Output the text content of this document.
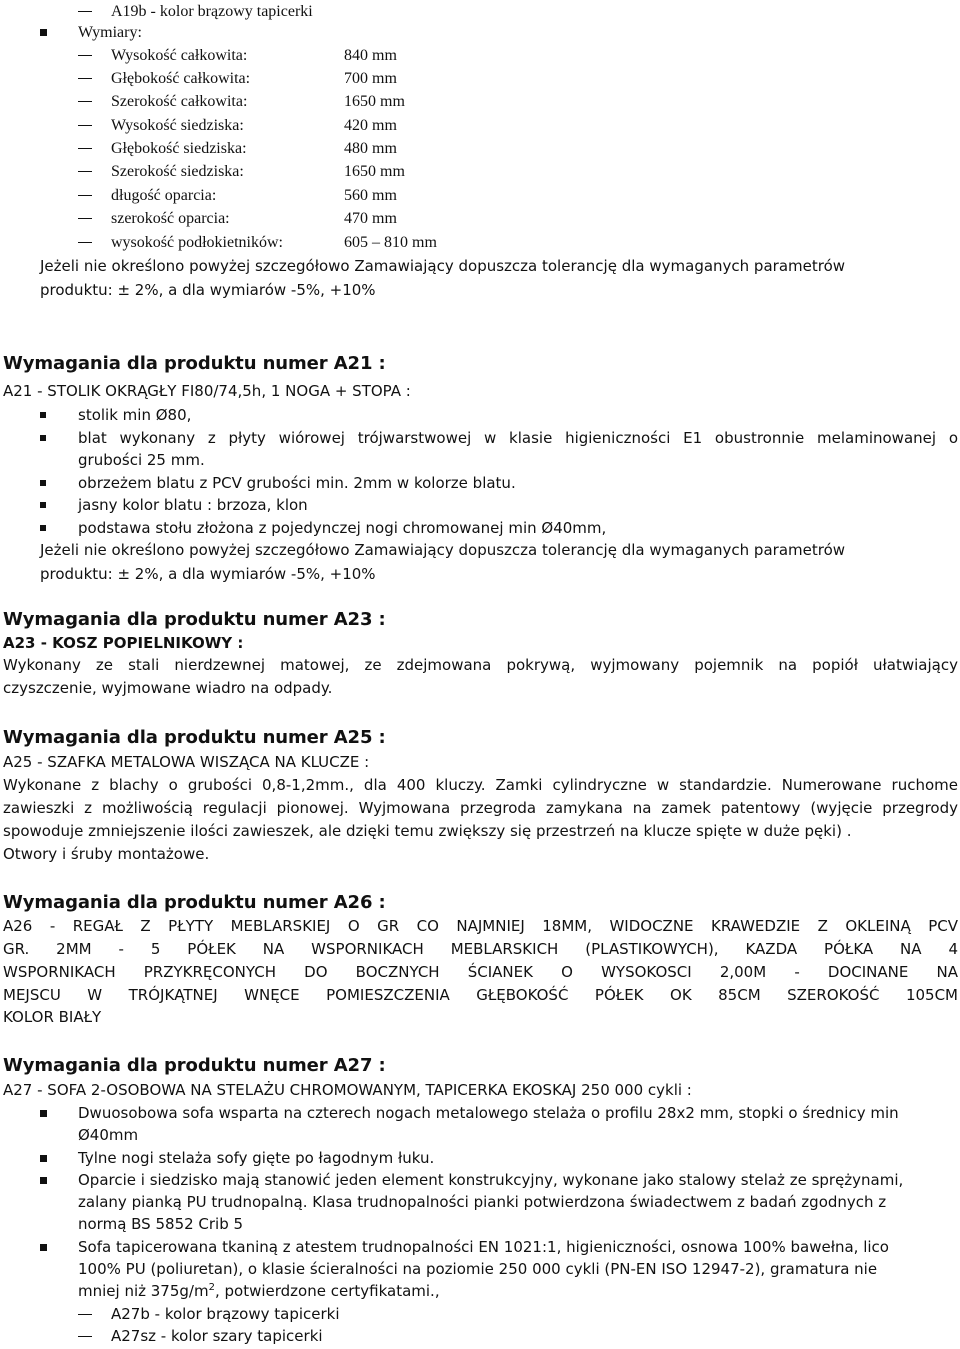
A19b - kolor brązowy tapicerki
Wymiary:
Wysokość całkowita:	840 mm
Głębokość całkowita:	700 mm
Szerokość całkowita:	1650 mm
Wysokość siedziska:	420 mm
Głębokość siedziska:	480 mm
Szerokość siedziska:	1650 mm
długość oparcia:	560 mm
szerokość oparcia:	470 mm
wysokość podłokietników:	605 – 810 mm
Jeżeli nie określono powyżej szczegółowo Zamawiający dopuszcza tolerancję dla wymaganych parametrów
produktu: ± 2%, a dla wymiarów -5%, +10%
Wymagania dla produktu numer A21 :
A21 - STOLIK OKRĄGŁY FI80/74,5h, 1 NOGA + STOPA :
stolik min Ø80,
blat wykonany z płyty wiórowej trójwarstwowej w klasie higieniczności E1 obustronnie melaminowanej o
grubości 25 mm.
obrzeżem blatu z PCV grubości min. 2mm w kolorze blatu.
jasny kolor blatu : brzoza, klon
podstawa stołu złożona z pojedynczej nogi chromowanej min Ø40mm,
Jeżeli nie określono powyżej szczegółowo Zamawiający dopuszcza tolerancję dla wymaganych parametrów
produktu: ± 2%, a dla wymiarów -5%, +10%
Wymagania dla produktu numer A23 :
A23 - KOSZ POPIELNIKOWY :
Wykonany ze stali nierdzewnej matowej, ze zdejmowana pokrywą, wyjmowany pojemnik na popiół ułatwiający
czyszczenie, wyjmowane wiadro na odpady.
Wymagania dla produktu numer A25 :
A25 - SZAFKA METALOWA WISZĄCA NA KLUCZE :
Wykonane z blachy o grubości 0,8-1,2mm., dla 400 kluczy. Zamki cylindryczne w standardzie. Numerowane ruchome
zawieszki z możliwością regulacji pionowej. Wyjmowana przegroda zamykana na zamek patentowy (wyjęcie przegrody
spowoduje zmniejszenie ilości zawieszek, ale dzięki temu zwiększy się przestrzeń na klucze spięte w duże pęki) .
Otwory i śruby montażowe.
Wymagania dla produktu numer A26 :
A26 - REGAŁ Z PŁYTY MEBLARSKIEJ O GR CO NAJMNIEJ 18MM, WIDOCZNE KRAWEDZIE Z OKLEINĄ PCV
GR. 2MM - 5 PÓŁEK NA WSPORNIKACH MEBLARSKICH (PLASTIKOWYCH), KAZDA PÓŁKA NA 4
WSPORNIKACH PRZYKRĘCONYCH DO BOCZNYCH ŚCIANEK O WYSOKOSCI 2,00M - DOCINANE NA
MEJSCU W TRÓJKĄTNEJ WNĘCE POMIESZCZENIA GŁĘBOKOŚĆ PÓŁEK OK 85CM SZEROKOŚĆ 105CM
KOLOR BIAŁY
Wymagania dla produktu numer A27 :
A27 - SOFA 2-OSOBOWA NA STELAŻU CHROMOWANYM, TAPICERKA EKOSKAJ 250 000 cykli :
Dwuosobowa sofa wsparta na czterech nogach metalowego stelaża o profilu 28x2 mm, stopki o średnicy min
Ø40mm
Tylne nogi stelaża sofy gięte po łagodnym łuku.
Oparcie i siedzisko mają stanowić jeden element konstrukcyjny, wykonane jako stalowy stelaż ze sprężynami,
zalany pianką PU trudnopalną. Klasa trudnopalności pianki potwierdzona świadectwem z badań zgodnych z
normą BS 5852 Crib 5
Sofa tapicerowana tkaniną z atestem trudnopalności EN 1021:1, higieniczności, osnowa 100% bawełna, lico
100% PU (poliuretan), o klasie ścieralności na poziomie 250 000 cykli (PN-EN ISO 12947-2), gramatura nie
mniej niż $375g/m^2$, potwierdzone certyfikatami.,
A27b - kolor brązowy tapicerki
A27sz - kolor szary tapicerki
